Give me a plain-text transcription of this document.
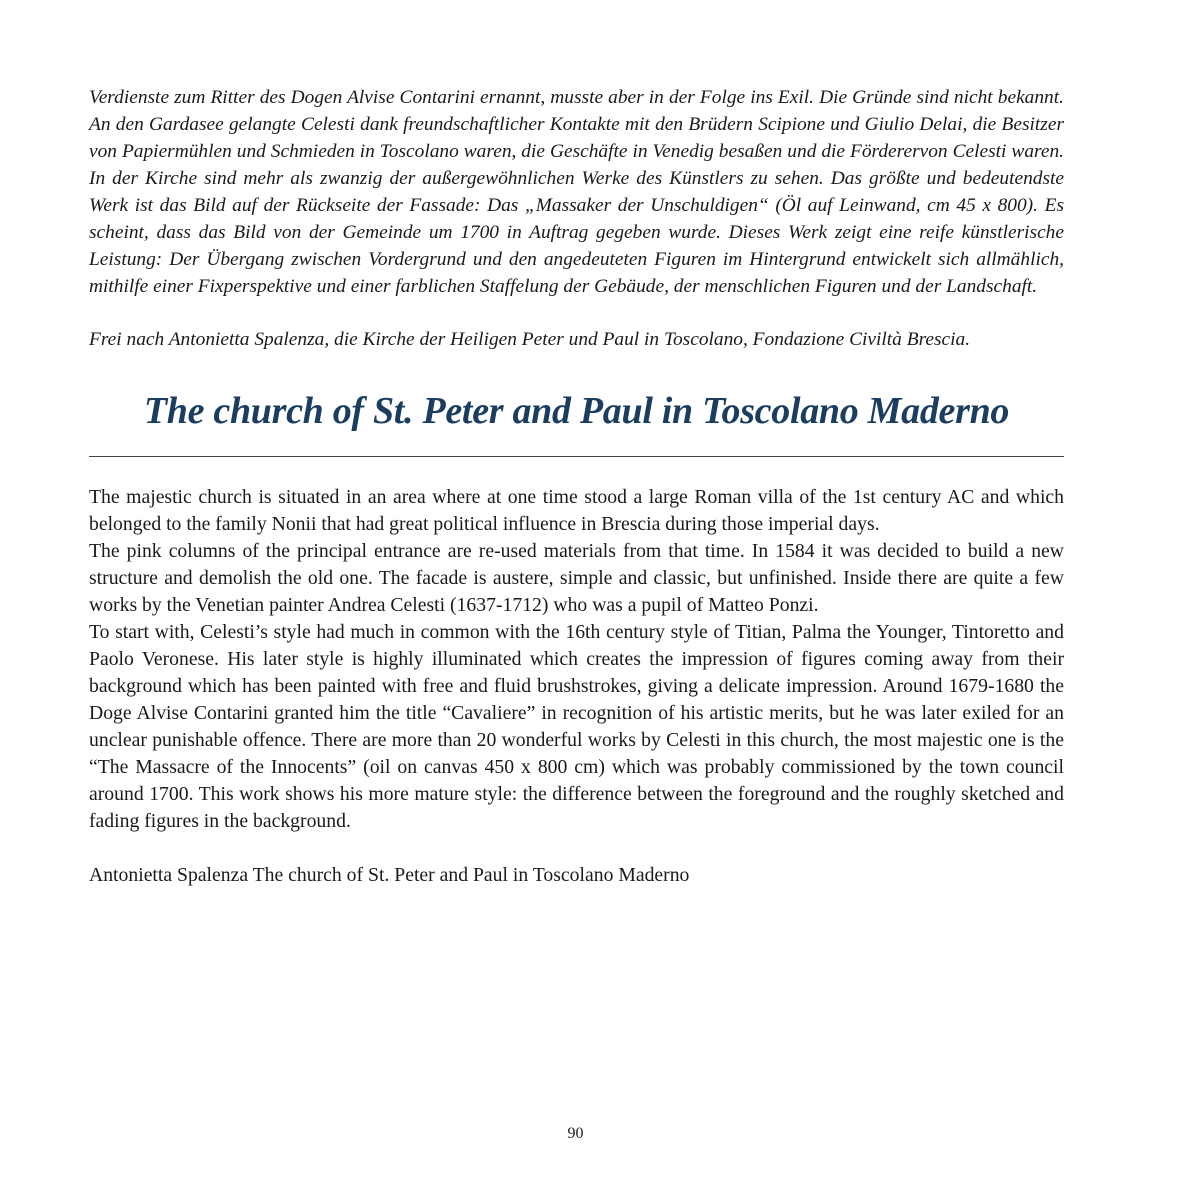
Verdienste zum Ritter des Dogen Alvise Contarini ernannt, musste aber in der Folge ins Exil. Die Gründe sind nicht bekannt. An den Gardasee gelangte Celesti dank freundschaftlicher Kontakte mit den Brüdern Scipione und Giulio Delai, die Besitzer von Papiermühlen und Schmieden in Toscolano waren, die Geschäfte in Venedig besaßen und die Förderervon Celesti waren. In der Kirche sind mehr als zwanzig der außergewöhnlichen Werke des Künstlers zu sehen. Das größte und bedeutendste Werk ist das Bild auf der Rückseite der Fassade: Das „Massaker der Unschuldigen“ (Öl auf Leinwand, cm 45 x 800). Es scheint, dass das Bild von der Gemeinde um 1700 in Auftrag gegeben wurde. Dieses Werk zeigt eine reife künstlerische Leistung: Der Übergang zwischen Vordergrund und den angedeuteten Figuren im Hintergrund entwickelt sich allmählich, mithilfe einer Fixperspektive und einer farblichen Staffelung der Gebäude, der menschlichen Figuren und der Landschaft.

Frei nach Antonietta Spalenza, die Kirche der Heiligen Peter und Paul in Toscolano, Fondazione Civiltà Brescia.

The church of St. Peter and Paul in Toscolano Maderno

The majestic church is situated in an area where at one time stood a large Roman villa of the 1st century AC and which belonged to the family Nonii that had great political influence in Brescia during those imperial days.

The pink columns of the principal entrance are re-used materials from that time. In 1584 it was decided to build a new structure and demolish the old one. The facade is austere, simple and classic, but unfinished. Inside there are quite a few works by the Venetian painter Andrea Celesti (1637-1712) who was a pupil of Matteo Ponzi.

To start with, Celesti’s style had much in common with the 16th century style of Titian, Palma the Younger, Tintoretto and Paolo Veronese. His later style is highly illuminated which creates the impression of figures coming away from their background which has been painted with free and fluid brushstrokes, giving a delicate impression. Around 1679-1680 the Doge Alvise Contarini granted him the title “Cavaliere” in recognition of his artistic merits, but he was later exiled for an unclear punishable offence. There are more than 20 wonderful works by Celesti in this church, the most majestic one is the “The Massacre of the Innocents” (oil on canvas 450 x 800 cm) which was probably commissioned by the town council around 1700. This work shows his more mature style: the difference between the foreground and the roughly sketched and fading figures in the background.

Antonietta Spalenza The church of St. Peter and Paul in Toscolano Maderno
90
